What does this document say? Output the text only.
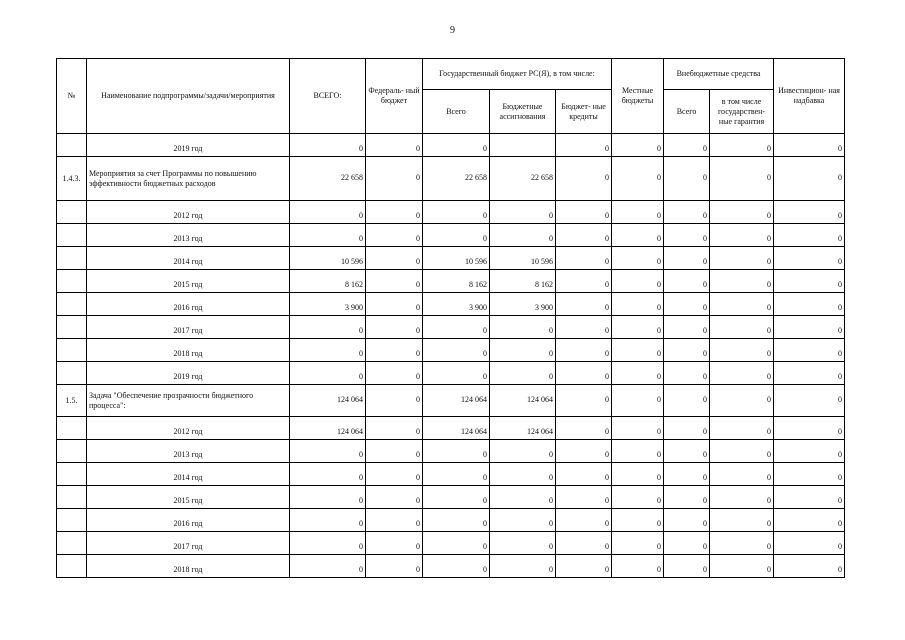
9
№	Наименование подпрограммы/задачи/мероприятия	ВСЕГО:	Федераль- ный бюджет	Государственный бюджет РС(Я), в том числе:			Местные бюджеты	Внебюджетные средства		Инвестицион- ная надбавка
				Всего	Бюджетные ассигнования	Бюджет- ные кредиты		Всего	в том числе государствен- ные гарантия	
	2019 год	0	0	0		0	0	0	0	0
1.4.3.	Мероприятия за счет Программы по повышению эффективности бюджетных расходов	22 658	0	22 658	22 658	0	0	0	0	0
	2012 год	0	0	0	0	0	0	0	0	0
	2013 год	0	0	0	0	0	0	0	0	0
	2014 год	10 596	0	10 596	10 596	0	0	0	0	0
	2015 год	8 162	0	8 162	8 162	0	0	0	0	0
	2016 год	3 900	0	3 900	3 900	0	0	0	0	0
	2017 год	0	0	0	0	0	0	0	0	0
	2018 год	0	0	0	0	0	0	0	0	0
	2019 год	0	0	0	0	0	0	0	0	0
1.5.	Задача "Обеспечение прозрачности бюджетного процесса":	124 064	0	124 064	124 064	0	0	0	0	0
	2012 год	124 064	0	124 064	124 064	0	0	0	0	0
	2013 год	0	0	0	0	0	0	0	0	0
	2014 год	0	0	0	0	0	0	0	0	0
	2015 год	0	0	0	0	0	0	0	0	0
	2016 год	0	0	0	0	0	0	0	0	0
	2017 год	0	0	0	0	0	0	0	0	0
	2018 год	0	0	0	0	0	0	0	0	0
